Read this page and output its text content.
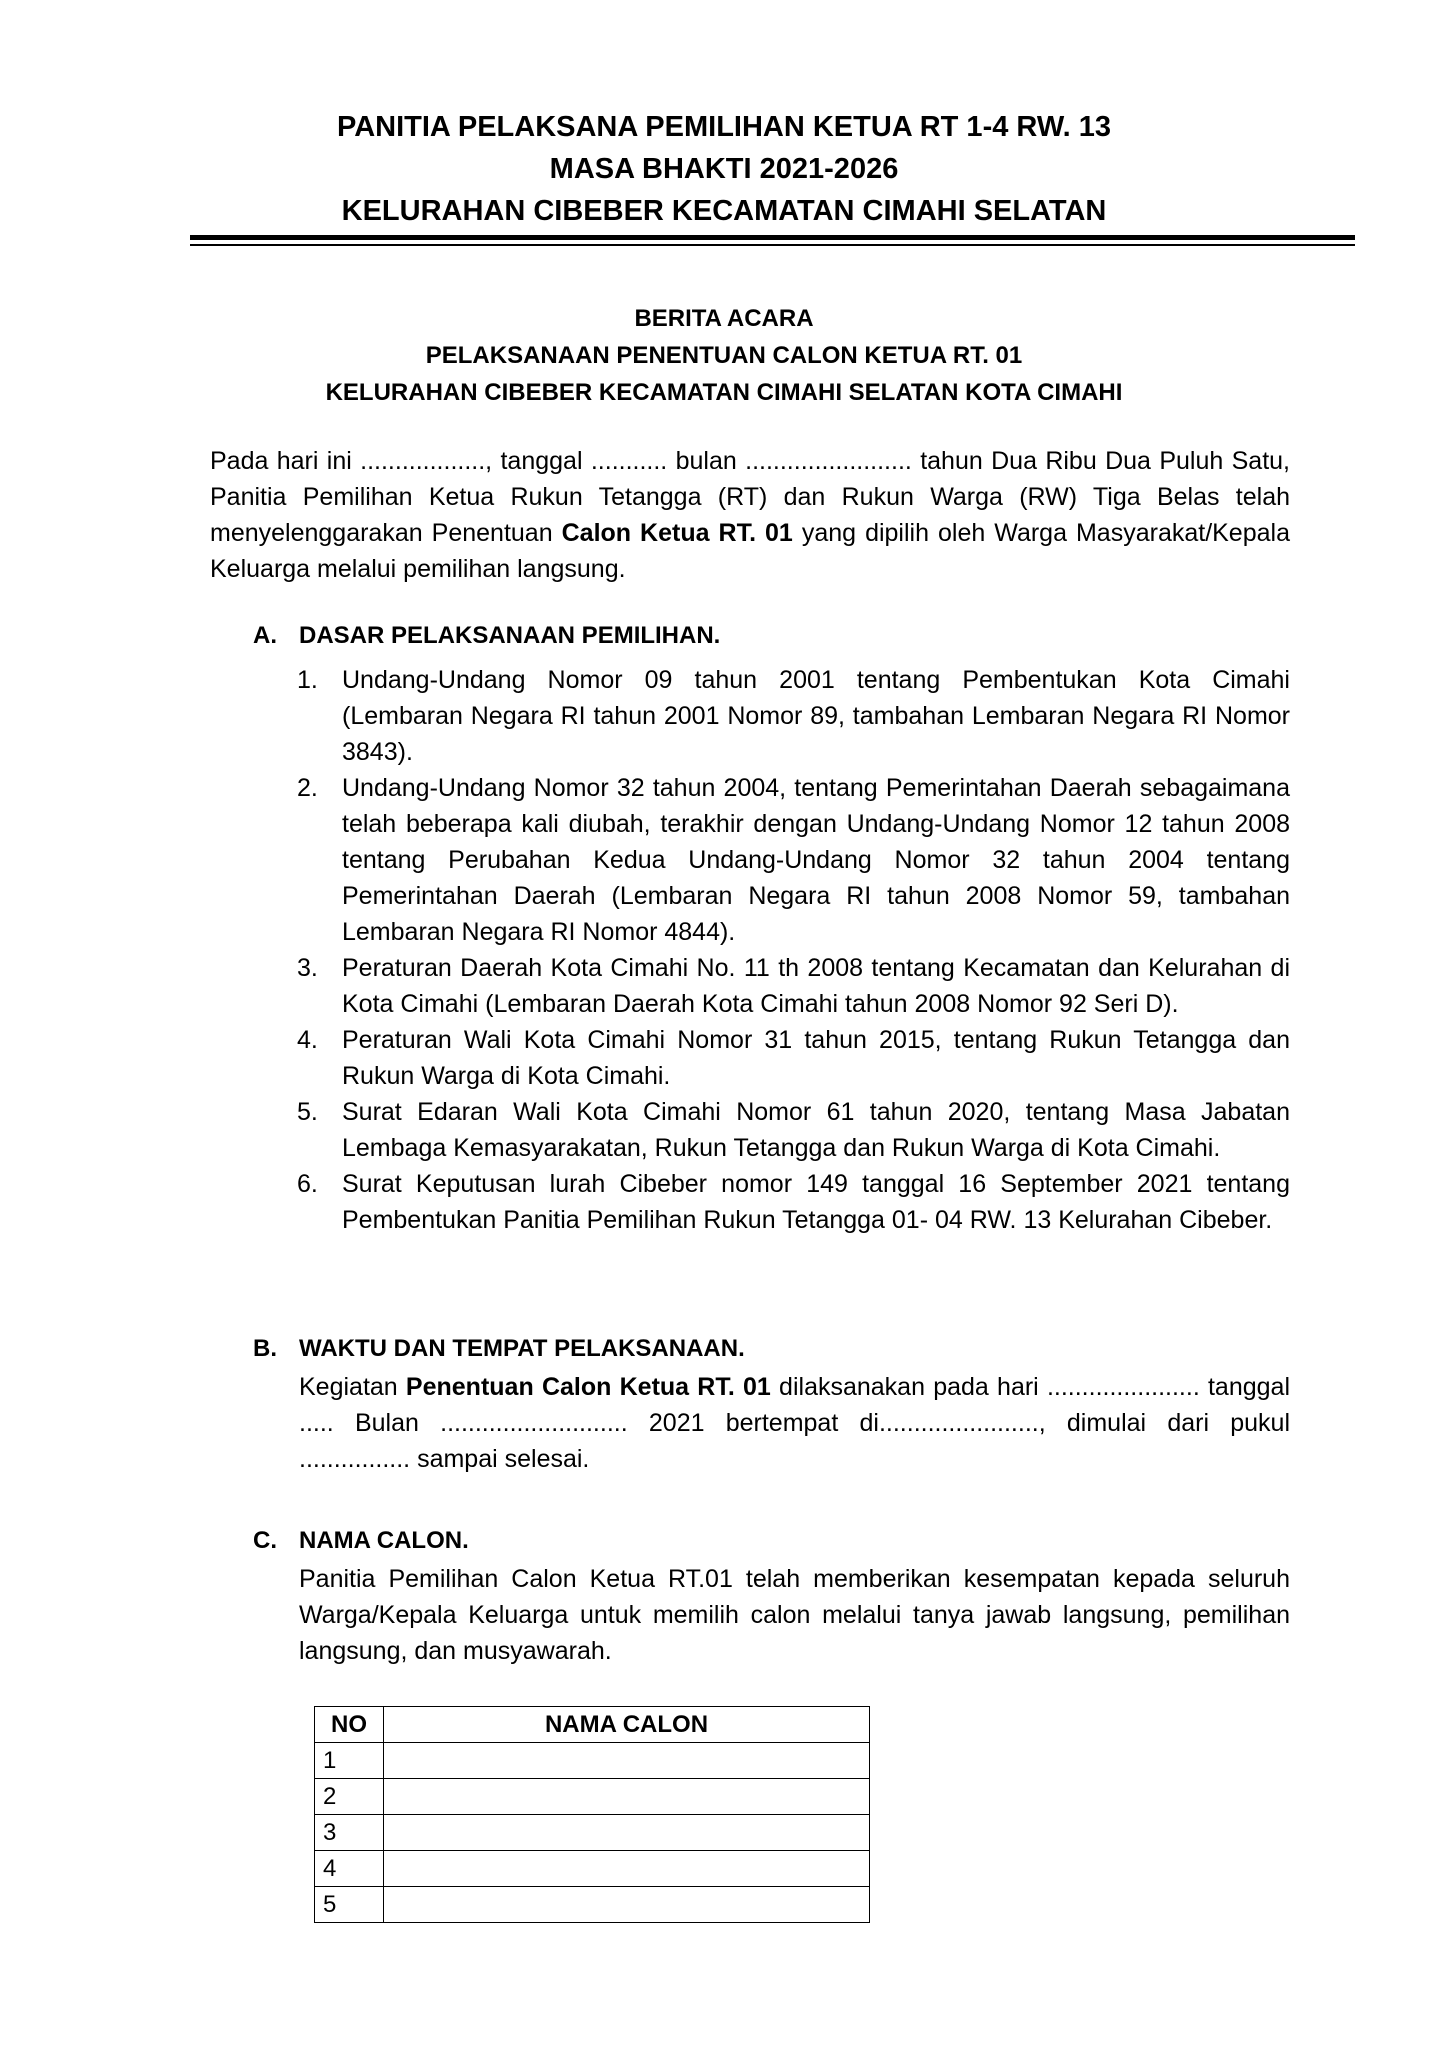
PANITIA PELAKSANA PEMILIHAN KETUA RT 1-4 RW. 13
MASA BHAKTI 2021-2026
KELURAHAN CIBEBER KECAMATAN CIMAHI SELATAN
BERITA ACARA
PELAKSANAAN PENENTUAN CALON KETUA RT. 01
KELURAHAN CIBEBER KECAMATAN CIMAHI SELATAN KOTA CIMAHI

Pada hari ini .................., tanggal ........... bulan ........................ tahun Dua Ribu Dua Puluh Satu, Panitia Pemilihan Ketua Rukun Tetangga (RT) dan Rukun Warga (RW) Tiga Belas telah menyelenggarakan Penentuan Calon Ketua RT. 01 yang dipilih oleh Warga Masyarakat/Kepala Keluarga melalui pemilihan langsung.

A. DASAR PELAKSANAAN PEMILIHAN.
1. Undang-Undang Nomor 09 tahun 2001 tentang Pembentukan Kota Cimahi (Lembaran Negara RI tahun 2001 Nomor 89, tambahan Lembaran Negara RI Nomor 3843).
2. Undang-Undang Nomor 32 tahun 2004, tentang Pemerintahan Daerah sebagaimana telah beberapa kali diubah, terakhir dengan Undang-Undang Nomor 12 tahun 2008 tentang Perubahan Kedua Undang-Undang Nomor 32 tahun 2004 tentang Pemerintahan Daerah (Lembaran Negara RI tahun 2008 Nomor 59, tambahan Lembaran Negara RI Nomor 4844).
3. Peraturan Daerah Kota Cimahi No. 11 th 2008 tentang Kecamatan dan Kelurahan di Kota Cimahi (Lembaran Daerah Kota Cimahi tahun 2008 Nomor 92 Seri D).
4. Peraturan Wali Kota Cimahi Nomor 31 tahun 2015, tentang Rukun Tetangga dan Rukun Warga di Kota Cimahi.
5. Surat Edaran Wali Kota Cimahi Nomor 61 tahun 2020, tentang Masa Jabatan Lembaga Kemasyarakatan, Rukun Tetangga dan Rukun Warga di Kota Cimahi.
6. Surat Keputusan lurah Cibeber nomor 149 tanggal 16 September 2021 tentang Pembentukan Panitia Pemilihan Rukun Tetangga 01- 04 RW. 13 Kelurahan Cibeber.
B. WAKTU DAN TEMPAT PELAKSANAAN.

Kegiatan Penentuan Calon Ketua RT. 01 dilaksanakan pada hari ...................... tanggal ..... Bulan ........................... 2021 bertempat di......................., dimulai dari pukul ................ sampai selesai.

C. NAMA CALON.

Panitia Pemilihan Calon Ketua RT.01 telah memberikan kesempatan kepada seluruh Warga/Kepala Keluarga untuk memilih calon melalui tanya jawab langsung, pemilihan langsung, dan musyawarah.

NO	NAMA CALON
1	
2	
3	
4	
5	
